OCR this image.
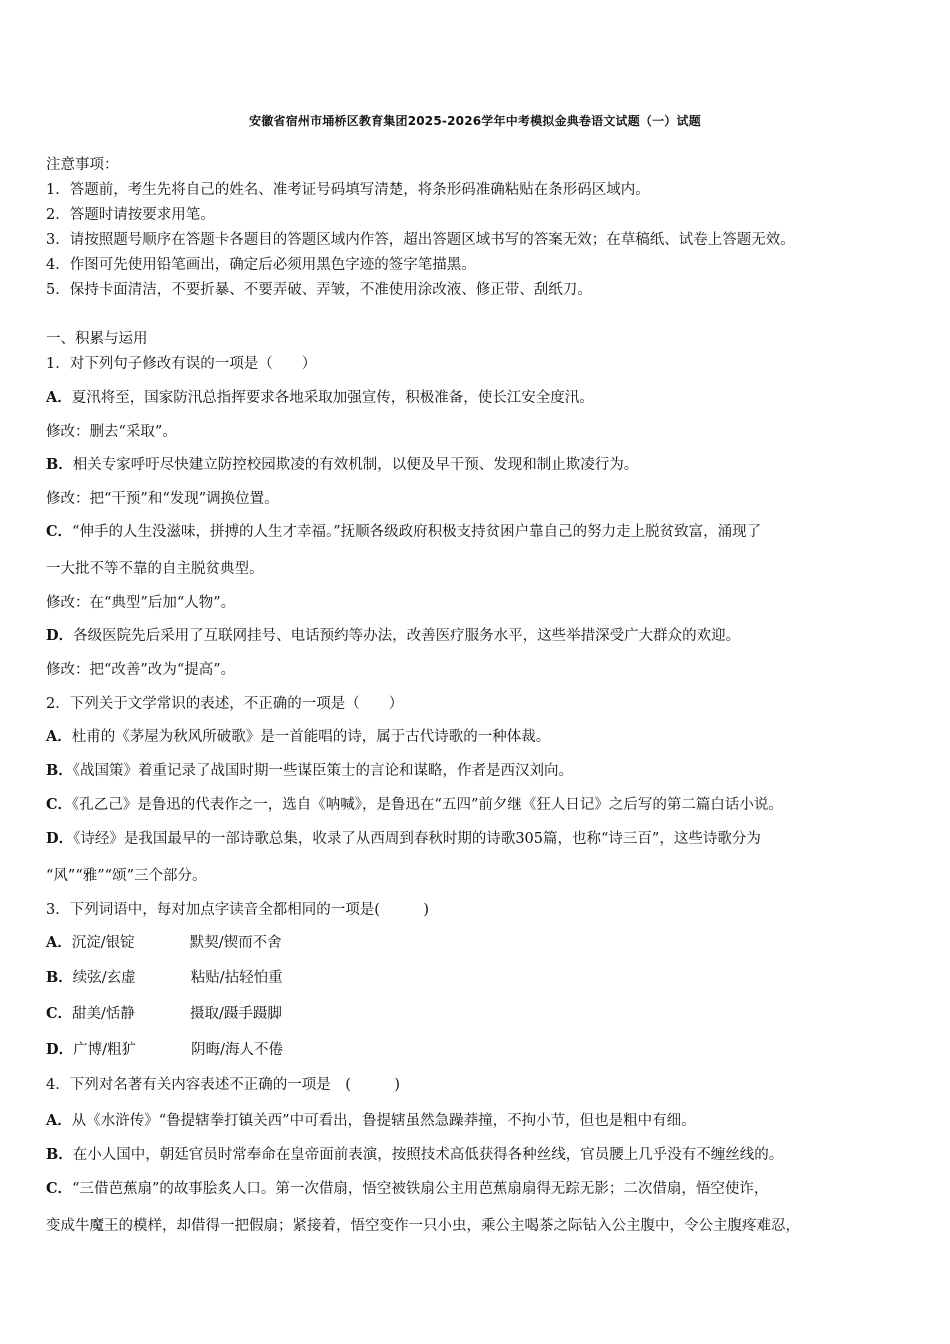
安徽省宿州市埇桥区教育集团2025-2026学年中考模拟金典卷语文试题（一）试题
注意事项：
1．答题前，考生先将自己的姓名、准考证号码填写清楚，将条形码准确粘贴在条形码区域内。
2．答题时请按要求用笔。
3．请按照题号顺序在答题卡各题目的答题区域内作答，超出答题区域书写的答案无效；在草稿纸、试卷上答题无效。
4．作图可先使用铅笔画出，确定后必须用黑色字迹的签字笔描黑。
5．保持卡面清洁，不要折暴、不要弄破、弄皱，不准使用涂改液、修正带、刮纸刀。
一、积累与运用
1．对下列句子修改有误的一项是（　　）
A．夏汛将至，国家防汛总指挥要求各地采取加强宣传，积极准备，使长江安全度汛。
修改：删去“采取”。
B．相关专家呼吁尽快建立防控校园欺凌的有效机制，以便及早干预、发现和制止欺凌行为。
修改：把“干预”和“发现”调换位置。
C．“伸手的人生没滋味，拼搏的人生才幸福。”抚顺各级政府积极支持贫困户靠自己的努力走上脱贫致富，涌现了
一大批不等不靠的自主脱贫典型。
修改：在“典型”后加“人物”。
D．各级医院先后采用了互联网挂号、电话预约等办法，改善医疗服务水平，这些举措深受广大群众的欢迎。
修改：把“改善”改为“提高”。
2．下列关于文学常识的表述，不正确的一项是（　　）
A．杜甫的《茅屋为秋风所破歌》是一首能唱的诗，属于古代诗歌的一种体裁。
B．《战国策》着重记录了战国时期一些谋臣策士的言论和谋略，作者是西汉刘向。
C．《孔乙己》是鲁迅的代表作之一，选自《呐喊》，是鲁迅在“五四”前夕继《狂人日记》之后写的第二篇白话小说。
D．《诗经》是我国最早的一部诗歌总集，收录了从西周到春秋时期的诗歌305篇，也称“诗三百”，这些诗歌分为
“风”“雅”“颂”三个部分。
3．下列词语中，每对加点字读音全都相同的一项是(　　　)
A．沉淀/银锭	默契/锲而不舍
B．续弦/玄虚	粘贴/拈轻怕重
C．甜美/恬静	摄取/蹑手蹑脚
D．广博/粗犷	阴晦/海人不倦
4．下列对名著有关内容表述不正确的一项是　(　　　)
A．从《水浒传》“鲁提辖拳打镇关西”中可看出，鲁提辖虽然急躁莽撞，不拘小节，但也是粗中有细。
B．在小人国中，朝廷官员时常奉命在皇帝面前表演，按照技术高低获得各种丝线，官员腰上几乎没有不缠丝线的。
C．“三借芭蕉扇”的故事脍炙人口。第一次借扇，悟空被铁扇公主用芭蕉扇扇得无踪无影；二次借扇，悟空使诈，
变成牛魔王的模样，却借得一把假扇；紧接着，悟空变作一只小虫，乘公主喝茶之际钻入公主腹中，令公主腹疼难忍，
